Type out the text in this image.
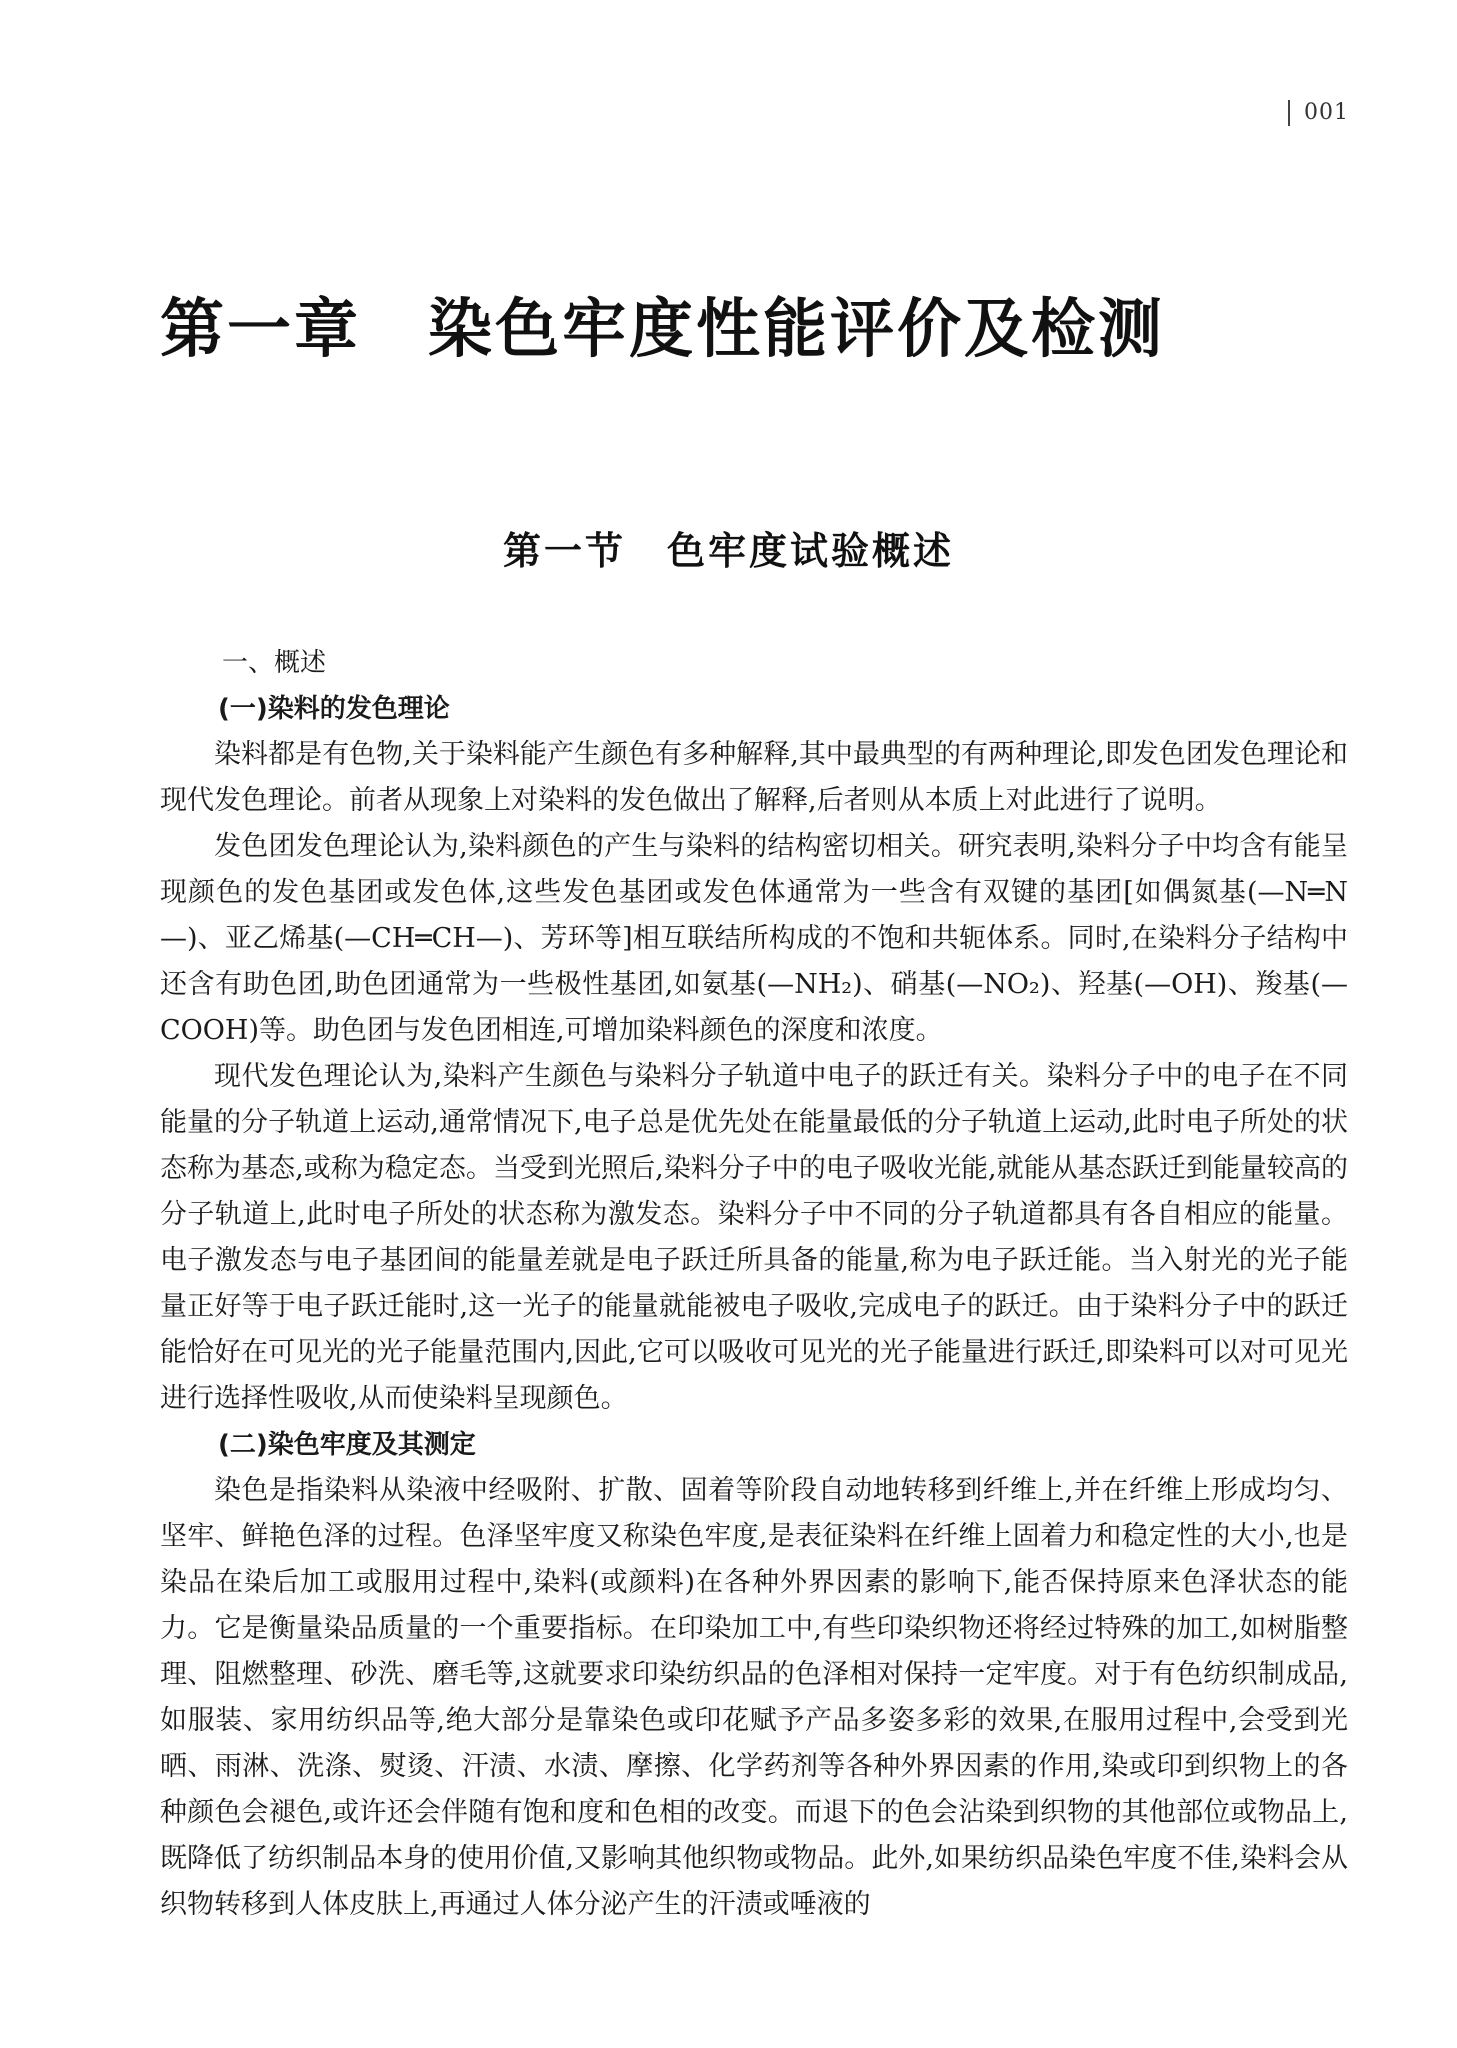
001
第一章　染色牢度性能评价及检测
第一节　色牢度试验概述

一、概述

(一)染料的发色理论

染料都是有色物,关于染料能产生颜色有多种解释,其中最典型的有两种理论,即发色团发色理论和现代发色理论。前者从现象上对染料的发色做出了解释,后者则从本质上对此进行了说明。

发色团发色理论认为,染料颜色的产生与染料的结构密切相关。研究表明,染料分子中均含有能呈现颜色的发色基团或发色体,这些发色基团或发色体通常为一些含有双键的基团[如偶氮基(—N═N—)、亚乙烯基(—CH═CH—)、芳环等]相互联结所构成的不饱和共轭体系。同时,在染料分子结构中还含有助色团,助色团通常为一些极性基团,如氨基(—NH₂)、硝基(—NO₂)、羟基(—OH)、羧基(—COOH)等。助色团与发色团相连,可增加染料颜色的深度和浓度。

现代发色理论认为,染料产生颜色与染料分子轨道中电子的跃迁有关。染料分子中的电子在不同能量的分子轨道上运动,通常情况下,电子总是优先处在能量最低的分子轨道上运动,此时电子所处的状态称为基态,或称为稳定态。当受到光照后,染料分子中的电子吸收光能,就能从基态跃迁到能量较高的分子轨道上,此时电子所处的状态称为激发态。染料分子中不同的分子轨道都具有各自相应的能量。电子激发态与电子基团间的能量差就是电子跃迁所具备的能量,称为电子跃迁能。当入射光的光子能量正好等于电子跃迁能时,这一光子的能量就能被电子吸收,完成电子的跃迁。由于染料分子中的跃迁能恰好在可见光的光子能量范围内,因此,它可以吸收可见光的光子能量进行跃迁,即染料可以对可见光进行选择性吸收,从而使染料呈现颜色。

(二)染色牢度及其测定

染色是指染料从染液中经吸附、扩散、固着等阶段自动地转移到纤维上,并在纤维上形成均匀、坚牢、鲜艳色泽的过程。色泽坚牢度又称染色牢度,是表征染料在纤维上固着力和稳定性的大小,也是染品在染后加工或服用过程中,染料(或颜料)在各种外界因素的影响下,能否保持原来色泽状态的能力。它是衡量染品质量的一个重要指标。在印染加工中,有些印染织物还将经过特殊的加工,如树脂整理、阻燃整理、砂洗、磨毛等,这就要求印染纺织品的色泽相对保持一定牢度。对于有色纺织制成品,如服装、家用纺织品等,绝大部分是靠染色或印花赋予产品多姿多彩的效果,在服用过程中,会受到光晒、雨淋、洗涤、熨烫、汗渍、水渍、摩擦、化学药剂等各种外界因素的作用,染或印到织物上的各种颜色会褪色,或许还会伴随有饱和度和色相的改变。而退下的色会沾染到织物的其他部位或物品上,既降低了纺织制品本身的使用价值,又影响其他织物或物品。此外,如果纺织品染色牢度不佳,染料会从织物转移到人体皮肤上,再通过人体分泌产生的汗渍或唾液的
